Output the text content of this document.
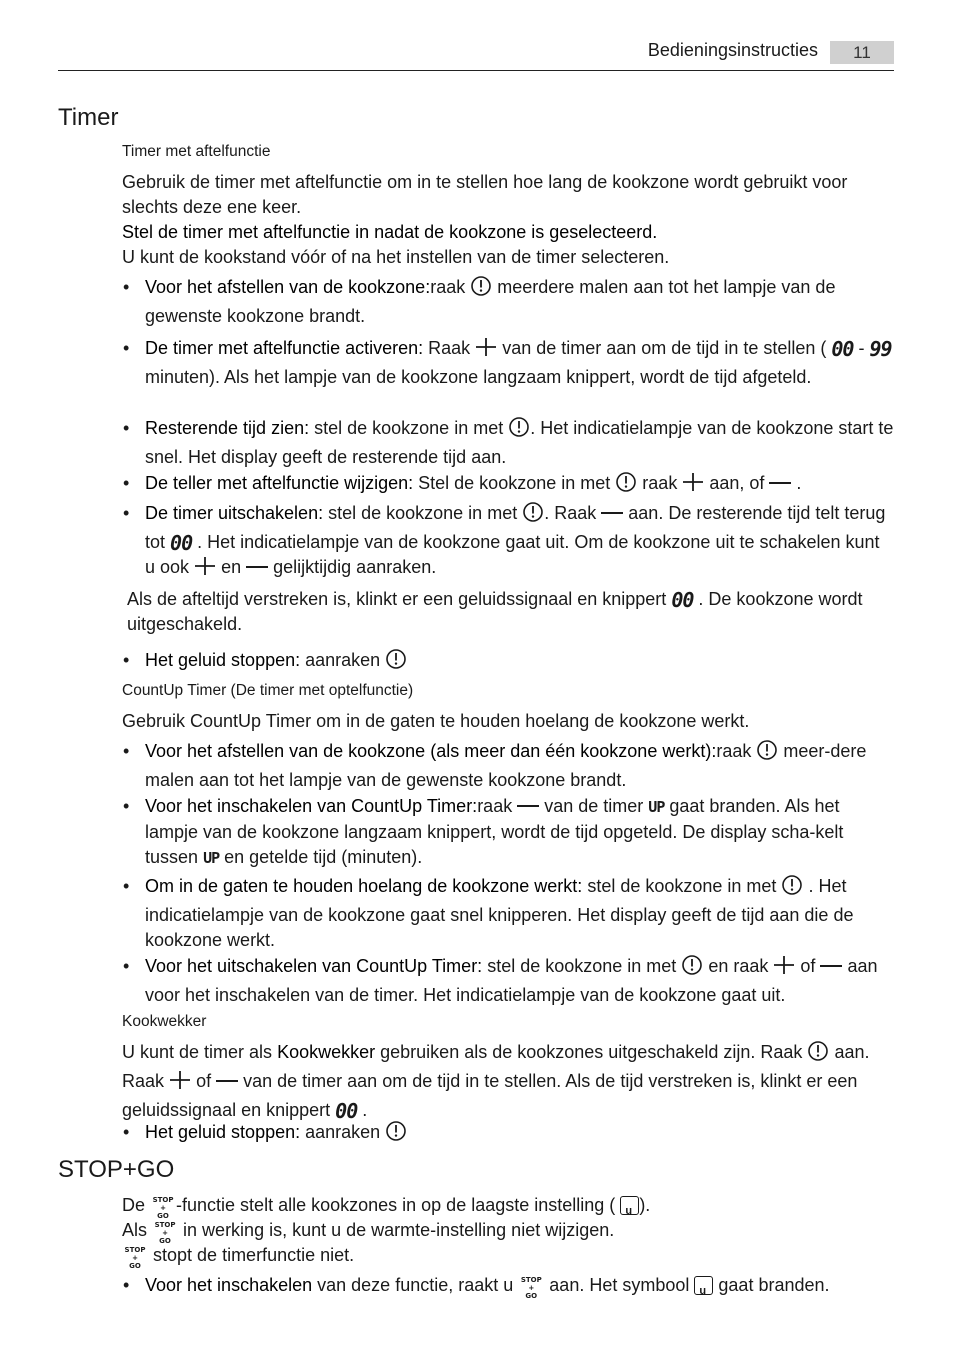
Bedieningsinstructies	11
Timer
Timer met aftelfunctie
Gebruik de timer met aftelfunctie om in te stellen hoe lang de kookzone wordt gebruikt voor slechts deze ene keer.
Stel de timer met aftelfunctie in nadat de kookzone is geselecteerd.
U kunt de kookstand vóór of na het instellen van de timer selecteren.
• Voor het afstellen van de kookzone:raak meerdere malen aan tot het lampje van de gewenste kookzone brandt.
• De timer met aftelfunctie activeren: Raak van de timer aan om de tijd in te stellen ( 00 - 99 minuten). Als het lampje van de kookzone langzaam knippert, wordt de tijd afgeteld.
• Resterende tijd zien: stel de kookzone in met . Het indicatielampje van de kookzone start te snel. Het display geeft de resterende tijd aan.
• De teller met aftelfunctie wijzigen: Stel de kookzone in met raak aan, of .
• De timer uitschakelen: stel de kookzone in met . Raak aan. De resterende tijd telt terug tot 00 . Het indicatielampje van de kookzone gaat uit. Om de kookzone uit te schakelen kunt u ook en gelijktijdig aanraken.
Als de afteltijd verstreken is, klinkt er een geluidssignaal en knippert 00 . De kookzone wordt uitgeschakeld.
• Het geluid stoppen: aanraken
CountUp Timer (De timer met optelfunctie)
Gebruik CountUp Timer om in de gaten te houden hoelang de kookzone werkt.
• Voor het afstellen van de kookzone (als meer dan één kookzone werkt):raak meer-dere malen aan tot het lampje van de gewenste kookzone brandt.
• Voor het inschakelen van CountUp Timer:raak van de timer UP gaat branden. Als het lampje van de kookzone langzaam knippert, wordt de tijd opgeteld. De display scha-kelt tussen UP en getelde tijd (minuten).
• Om in de gaten te houden hoelang de kookzone werkt: stel de kookzone in met . Het indicatielampje van de kookzone gaat snel knipperen. Het display geeft de tijd aan die de kookzone werkt.
• Voor het uitschakelen van CountUp Timer: stel de kookzone in met en raak of aan voor het inschakelen van de timer. Het indicatielampje van de kookzone gaat uit.
Kookwekker
U kunt de timer als Kookwekker gebruiken als de kookzones uitgeschakeld zijn. Raak aan. Raak of van de timer aan om de tijd in te stellen. Als de tijd verstreken is, klinkt er een geluidssignaal en knippert 00 .
• Het geluid stoppen: aanraken
STOP+GO
De STOP
+
GO-functie stelt alle kookzones in op de laagste instelling ( u ).
Als STOP
+
GO in werking is, kunt u de warmte-instelling niet wijzigen.
STOP
+
GO stopt de timerfunctie niet.
• Voor het inschakelen van deze functie, raakt u STOP
+
GO aan. Het symbool u gaat branden.
